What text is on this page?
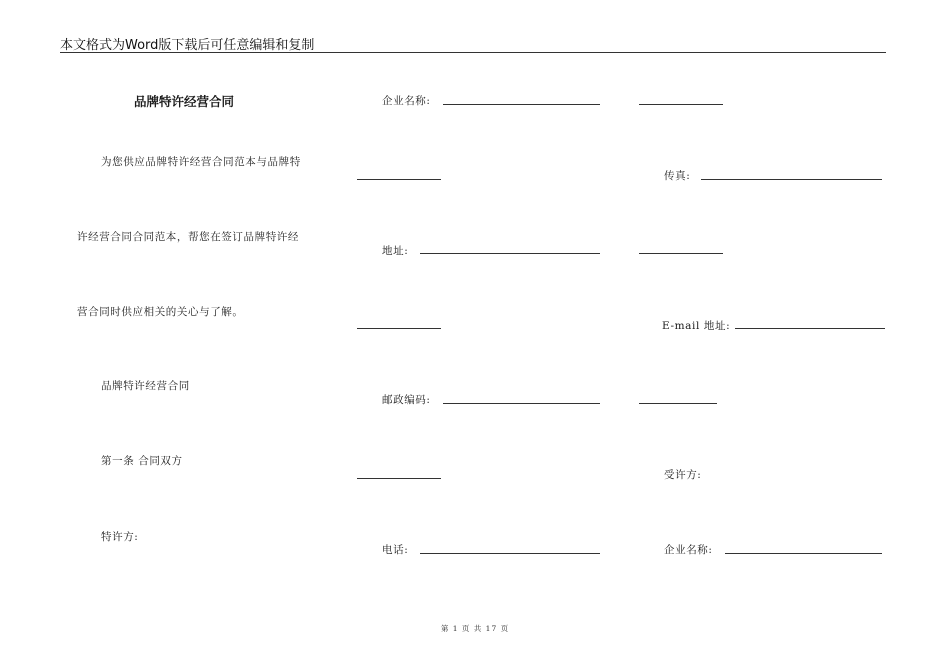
本文格式为Word版下载后可任意编辑和复制
品牌特许经营合同
为您供应品牌特许经营合同范本与品牌特
许经营合同合同范本，帮您在签订品牌特许经
营合同时供应相关的关心与了解。
品牌特许经营合同
第一条 合同双方
特许方:
企业名称:
地址:
邮政编码:
电话:
传真:
E-mail 地址:
受许方:
企业名称:
第 1 页 共 17 页
